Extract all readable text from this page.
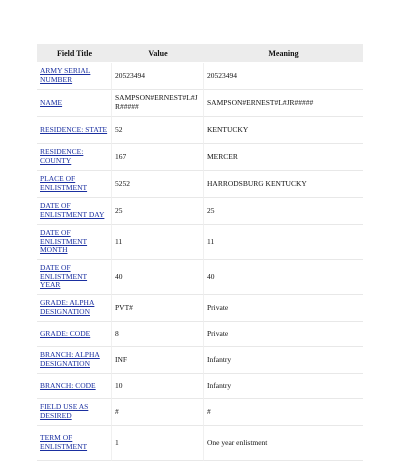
Field Title	Value	Meaning
ARMY SERIAL NUMBER	20523494	20523494
NAME	SAMPSON#ERNEST#L#JR#####	SAMPSON#ERNEST#L#JR#####
RESIDENCE: STATE	52	KENTUCKY
RESIDENCE: COUNTY	167	MERCER
PLACE OF ENLISTMENT	5252	HARRODSBURG KENTUCKY
DATE OF ENLISTMENT DAY	25	25
DATE OF ENLISTMENT MONTH	11	11
DATE OF ENLISTMENT YEAR	40	40
GRADE: ALPHA DESIGNATION	PVT#	Private
GRADE: CODE	8	Private
BRANCH: ALPHA DESIGNATION	INF	Infantry
BRANCH: CODE	10	Infantry
FIELD USE AS DESIRED	#	#
TERM OF ENLISTMENT	1	One year enlistment
